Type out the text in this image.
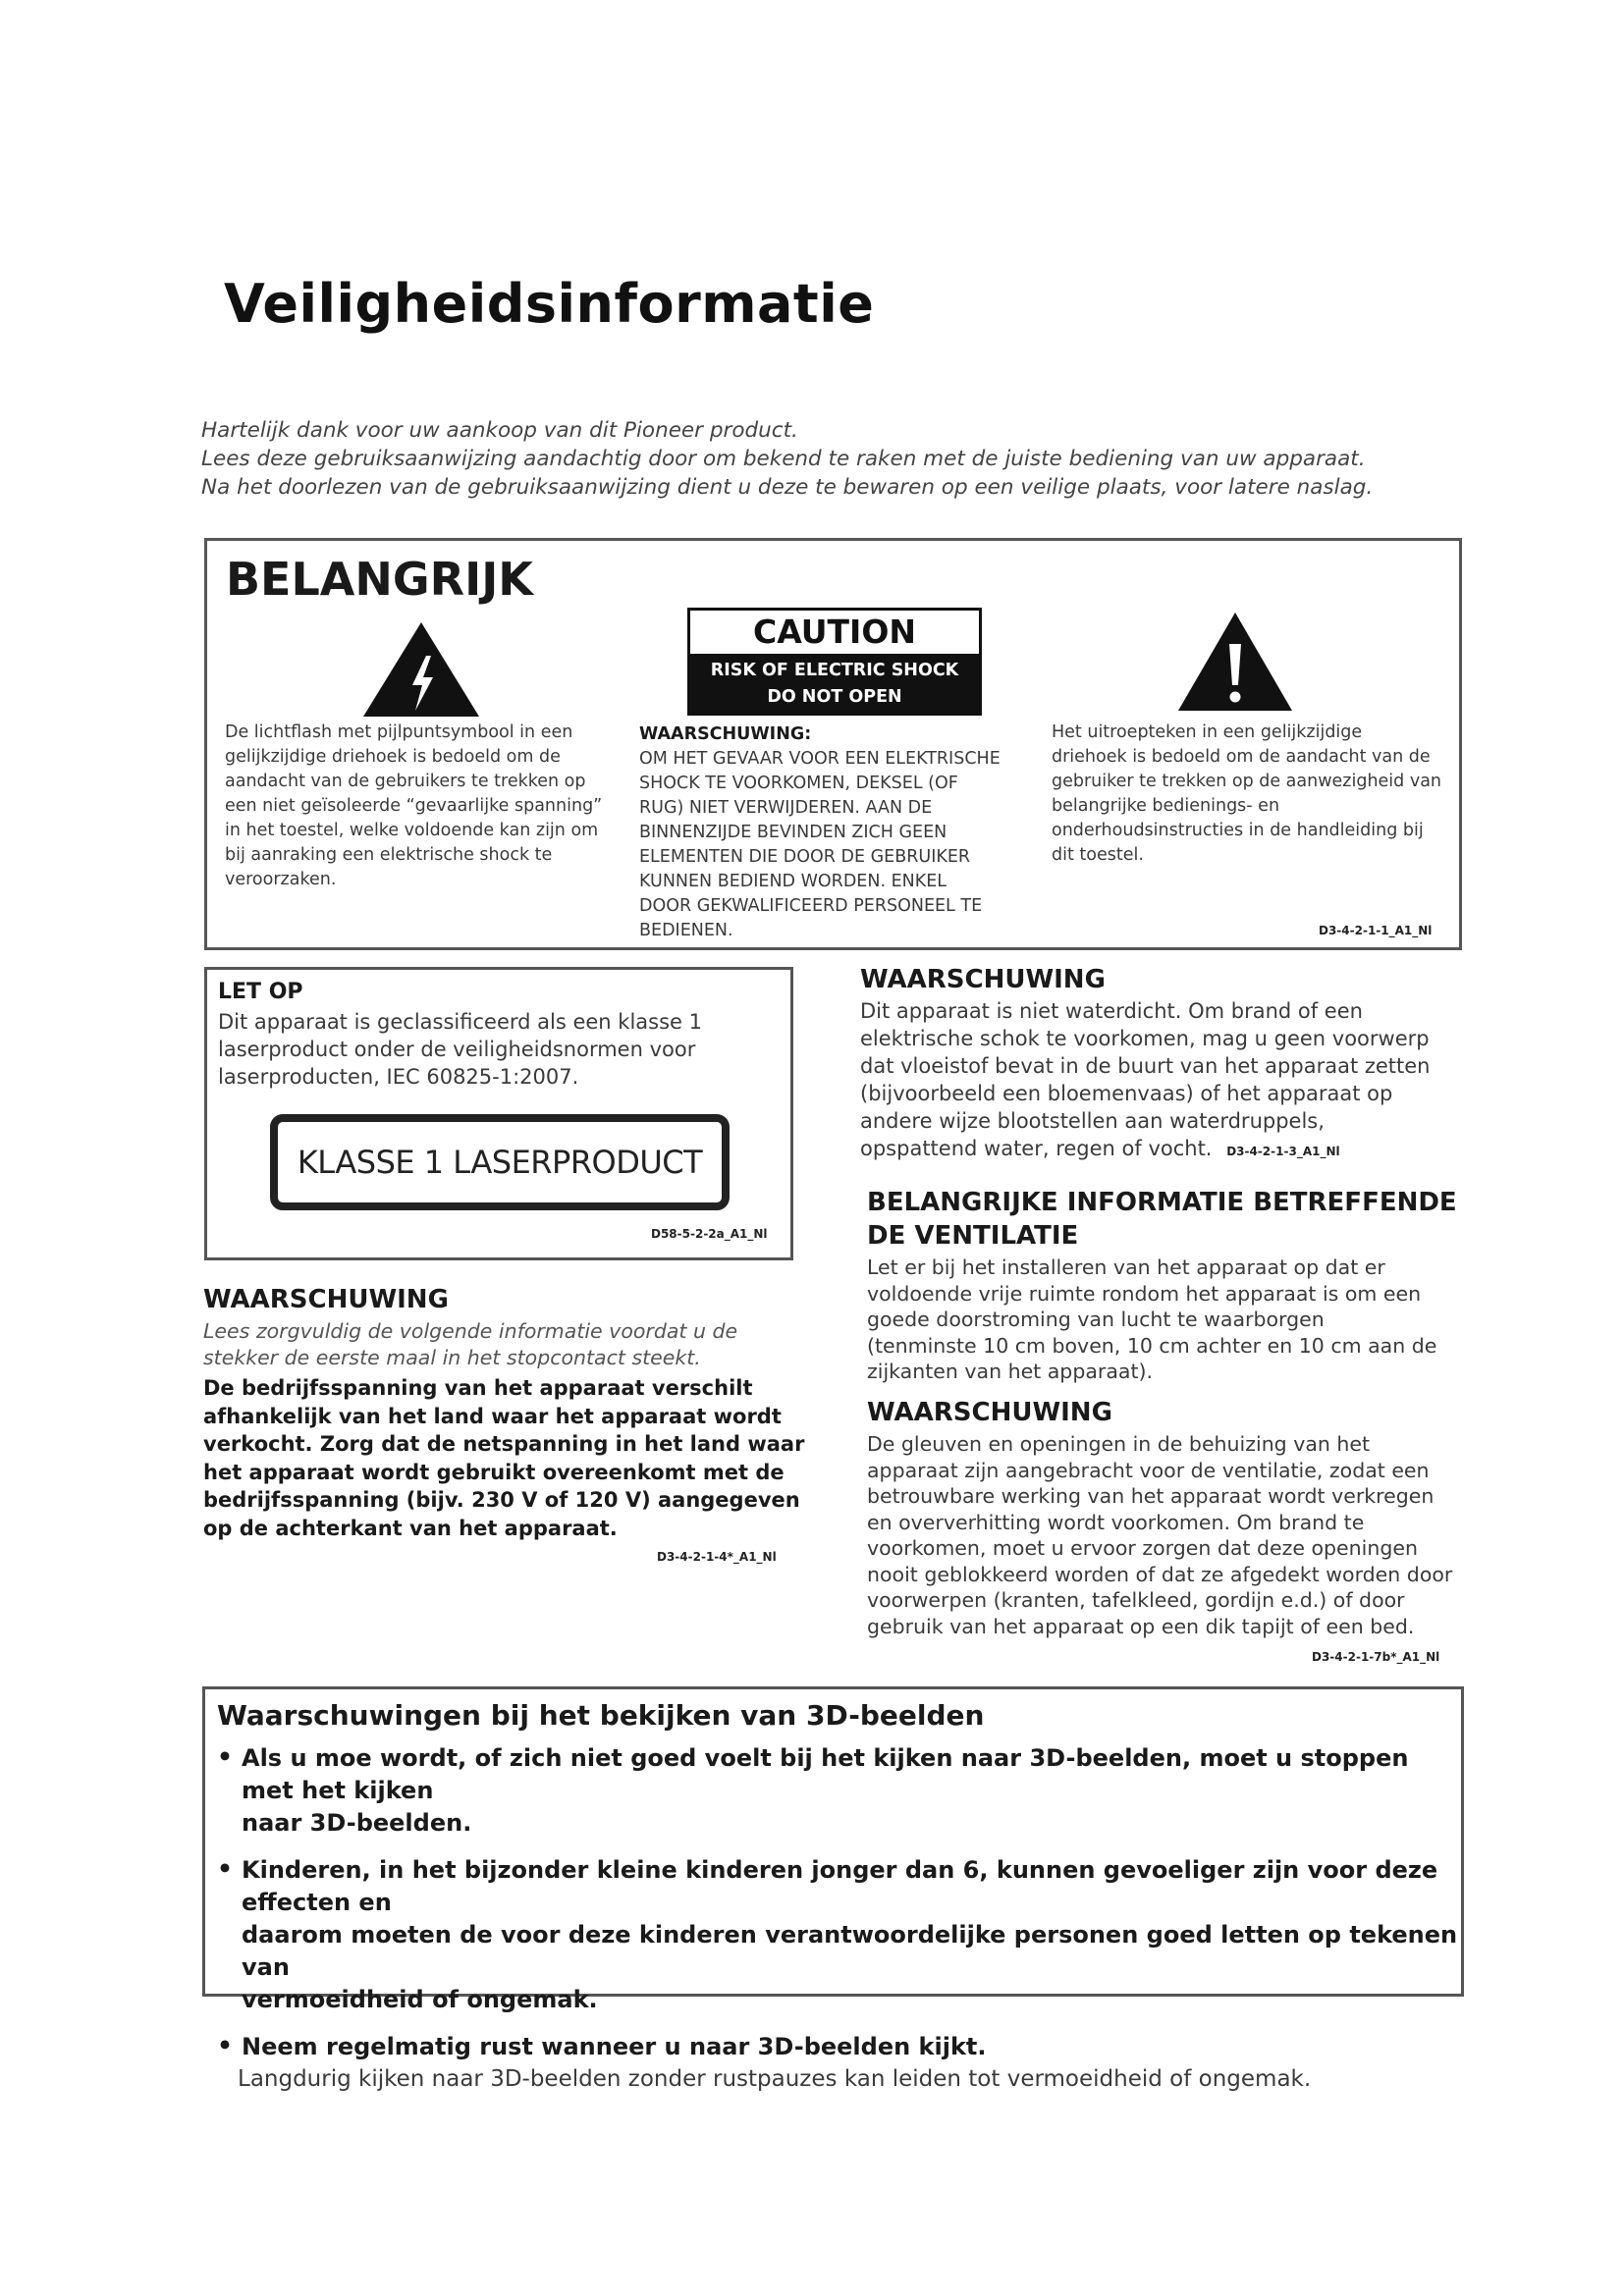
Veiligheidsinformatie

Hartelijk dank voor uw aankoop van dit Pioneer product.

Lees deze gebruiksaanwijzing aandachtig door om bekend te raken met de juiste bediening van uw apparaat.

Na het doorlezen van de gebruiksaanwijzing dient u deze te bewaren op een veilige plaats, voor latere naslag.

BELANGRIJK
CAUTION
RISK OF ELECTRIC SHOCK
DO NOT OPEN
De lichtflash met pijlpuntsymbool in een
gelijkzijdige driehoek is bedoeld om de
aandacht van de gebruikers te trekken op
een niet geïsoleerde “gevaarlijke spanning”
in het toestel, welke voldoende kan zijn om
bij aanraking een elektrische shock te
veroorzaken.
WAARSCHUWING:
OM HET GEVAAR VOOR EEN ELEKTRISCHE
SHOCK TE VOORKOMEN, DEKSEL (OF
RUG) NIET VERWIJDEREN. AAN DE
BINNENZIJDE BEVINDEN ZICH GEEN
ELEMENTEN DIE DOOR DE GEBRUIKER
KUNNEN BEDIEND WORDEN. ENKEL
DOOR GEKWALIFICEERD PERSONEEL TE
BEDIENEN.
Het uitroepteken in een gelijkzijdige
driehoek is bedoeld om de aandacht van de
gebruiker te trekken op de aanwezigheid van
belangrijke bedienings- en
onderhoudsinstructies in de handleiding bij
dit toestel.
D3-4-2-1-1_A1_Nl
LET OP
Dit apparaat is geclassificeerd als een klasse 1
laserproduct onder de veiligheidsnormen voor
laserproducten, IEC 60825-1:2007.
KLASSE 1 LASERPRODUCT
D58-5-2-2a_A1_Nl
WAARSCHUWING
Lees zorgvuldig de volgende informatie voordat u de
stekker de eerste maal in het stopcontact steekt.
De bedrijfsspanning van het apparaat verschilt
afhankelijk van het land waar het apparaat wordt
verkocht. Zorg dat de netspanning in het land waar
het apparaat wordt gebruikt overeenkomt met de
bedrijfsspanning (bijv. 230 V of 120 V) aangegeven
op de achterkant van het apparaat.
D3-4-2-1-4*_A1_Nl
WAARSCHUWING
Dit apparaat is niet waterdicht. Om brand of een
elektrische schok te voorkomen, mag u geen voorwerp
dat vloeistof bevat in de buurt van het apparaat zetten
(bijvoorbeeld een bloemenvaas) of het apparaat op
andere wijze blootstellen aan waterdruppels,
opspattend water, regen of vocht. D3-4-2-1-3_A1_Nl
BELANGRIJKE INFORMATIE BETREFFENDE
DE VENTILATIE
Let er bij het installeren van het apparaat op dat er
voldoende vrije ruimte rondom het apparaat is om een
goede doorstroming van lucht te waarborgen
(tenminste 10 cm boven, 10 cm achter en 10 cm aan de
zijkanten van het apparaat).
WAARSCHUWING
De gleuven en openingen in de behuizing van het
apparaat zijn aangebracht voor de ventilatie, zodat een
betrouwbare werking van het apparaat wordt verkregen
en oververhitting wordt voorkomen. Om brand te
voorkomen, moet u ervoor zorgen dat deze openingen
nooit geblokkeerd worden of dat ze afgedekt worden door
voorwerpen (kranten, tafelkleed, gordijn e.d.) of door
gebruik van het apparaat op een dik tapijt of een bed.
D3-4-2-1-7b*_A1_Nl
Waarschuwingen bij het bekijken van 3D-beelden
• Als u moe wordt, of zich niet goed voelt bij het kijken naar 3D-beelden, moet u stoppen met het kijken
naar 3D-beelden.
• Kinderen, in het bijzonder kleine kinderen jonger dan 6, kunnen gevoeliger zijn voor deze effecten en
daarom moeten de voor deze kinderen verantwoordelijke personen goed letten op tekenen van
vermoeidheid of ongemak.
• Neem regelmatig rust wanneer u naar 3D-beelden kijkt.
Langdurig kijken naar 3D-beelden zonder rustpauzes kan leiden tot vermoeidheid of ongemak.
